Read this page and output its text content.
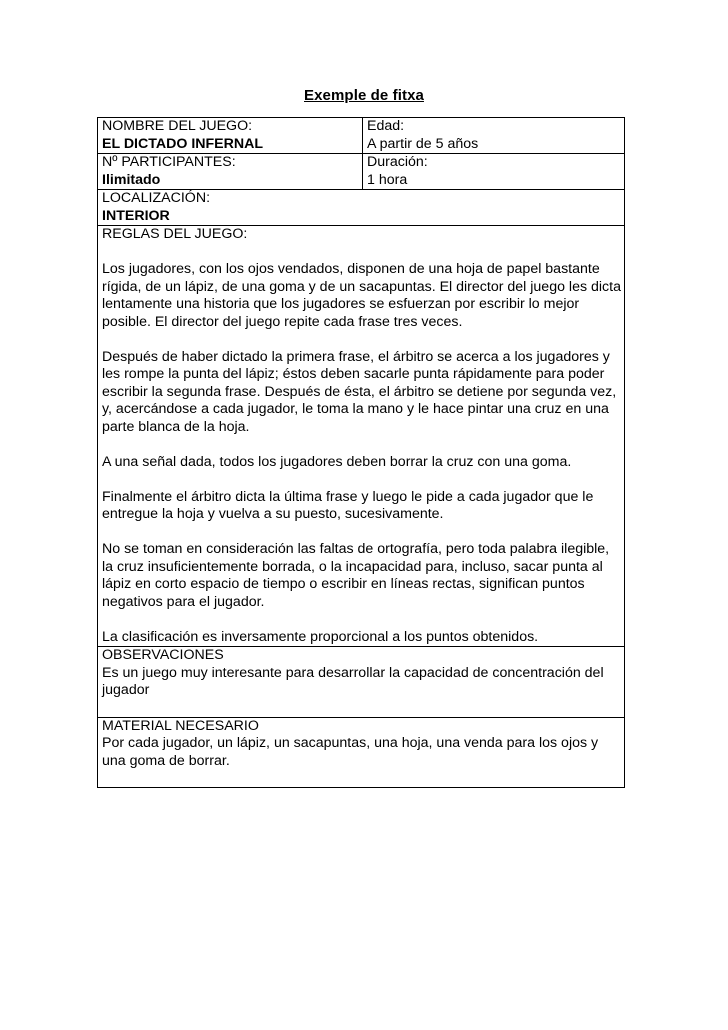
Exemple de fitxa
NOMBRE DEL JUEGO:
EL DICTADO INFERNAL
Edad:
A partir de 5 años
Nº PARTICIPANTES:
Ilimitado
Duración:
1 hora
LOCALIZACIÓN:
INTERIOR
REGLAS DEL JUEGO:
Los jugadores, con los ojos vendados, disponen de una hoja de papel bastante rígida, de un lápiz, de una goma y de un sacapuntas. El director del juego les dicta lentamente una historia que los jugadores se esfuerzan por escribir lo mejor posible. El director del juego repite cada frase tres veces.
Después de haber dictado la primera frase, el árbitro se acerca a los jugadores y les rompe la punta del lápiz; éstos deben sacarle punta rápidamente para poder escribir la segunda frase. Después de ésta, el árbitro se detiene por segunda vez, y, acercándose a cada jugador, le toma la mano y le hace pintar una cruz en una parte blanca de la hoja.
A una señal dada, todos los jugadores deben borrar la cruz con una goma.
Finalmente el árbitro dicta la última frase y luego le pide a cada jugador que le entregue la hoja y vuelva a su puesto, sucesivamente.
No se toman en consideración las faltas de ortografía, pero toda palabra ilegible, la cruz insuficientemente borrada, o la incapacidad para, incluso, sacar punta al lápiz en corto espacio de tiempo o escribir en líneas rectas, significan puntos negativos para el jugador.
La clasificación es inversamente proporcional a los puntos obtenidos.
OBSERVACIONES
Es un juego muy interesante para desarrollar la capacidad de concentración del jugador
MATERIAL NECESARIO
Por cada jugador, un lápiz, un sacapuntas, una hoja, una venda para los ojos y una goma de borrar.
